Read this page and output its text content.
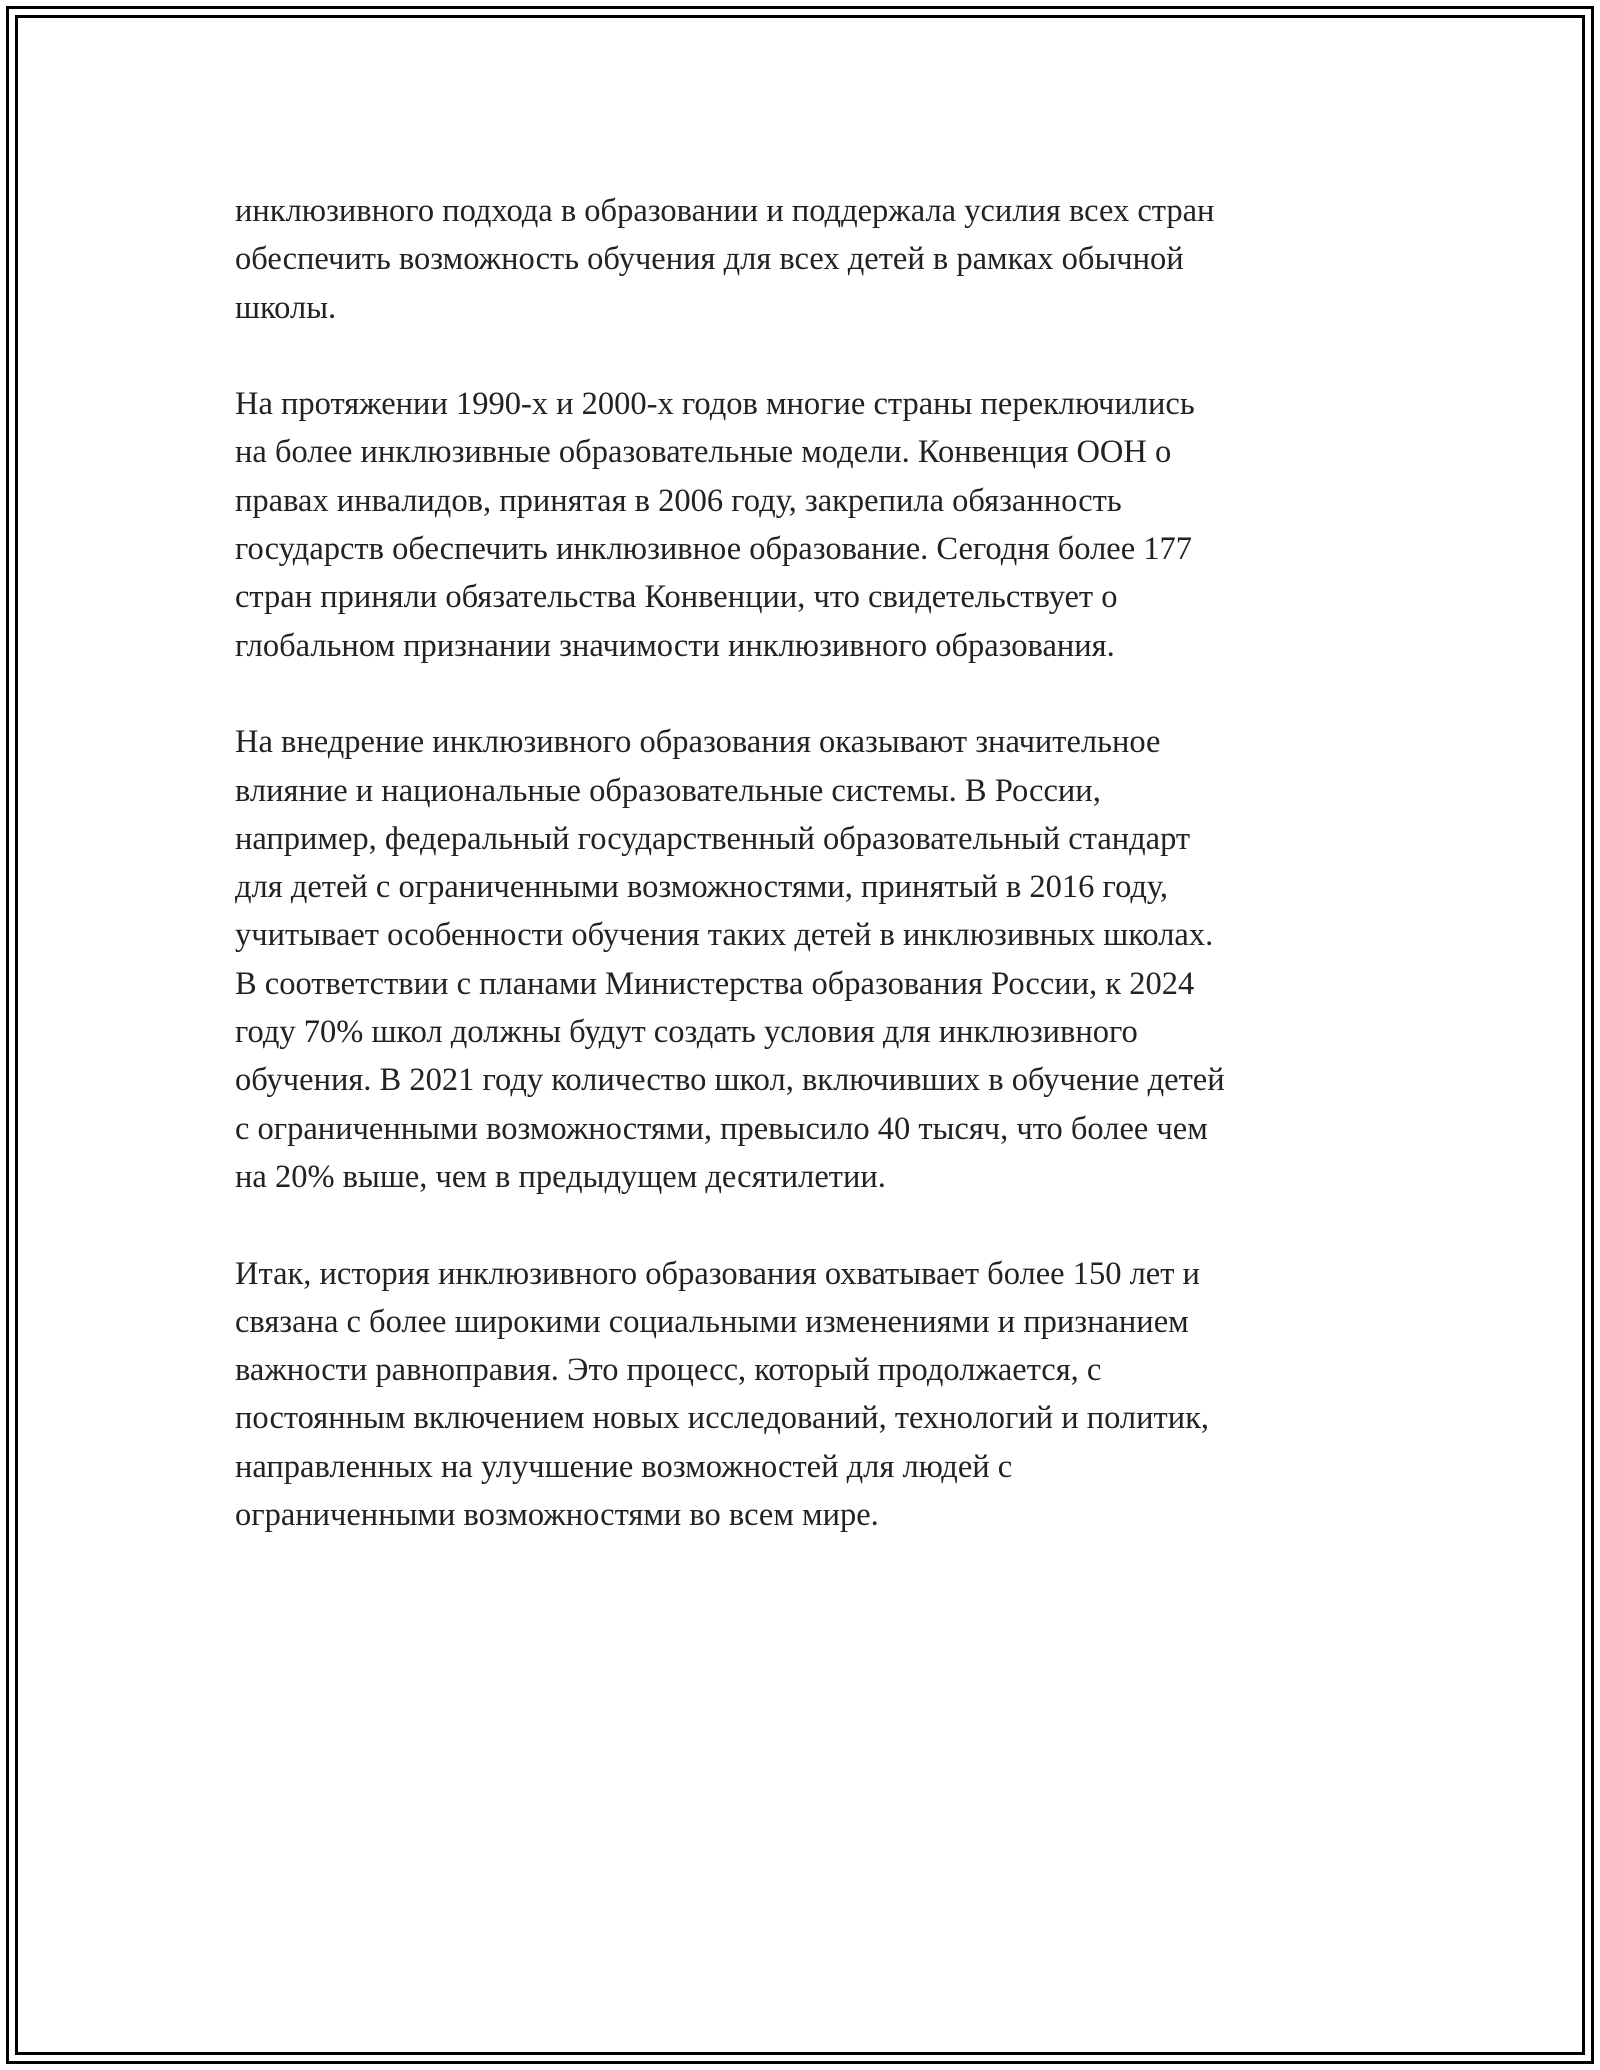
инклюзивного подхода в образовании и поддержала усилия всех стран
обеспечить возможность обучения для всех детей в рамках обычной
школы.

На протяжении 1990-х и 2000-х годов многие страны переключились
на более инклюзивные образовательные модели. Конвенция ООН о
правах инвалидов, принятая в 2006 году, закрепила обязанность
государств обеспечить инклюзивное образование. Сегодня более 177
стран приняли обязательства Конвенции, что свидетельствует о
глобальном признании значимости инклюзивного образования.

На внедрение инклюзивного образования оказывают значительное
влияние и национальные образовательные системы. В России,
например, федеральный государственный образовательный стандарт
для детей с ограниченными возможностями, принятый в 2016 году,
учитывает особенности обучения таких детей в инклюзивных школах.
В соответствии с планами Министерства образования России, к 2024
году 70% школ должны будут создать условия для инклюзивного
обучения. В 2021 году количество школ, включивших в обучение детей
с ограниченными возможностями, превысило 40 тысяч, что более чем
на 20% выше, чем в предыдущем десятилетии.

Итак, история инклюзивного образования охватывает более 150 лет и
связана с более широкими социальными изменениями и признанием
важности равноправия. Это процесс, который продолжается, с
постоянным включением новых исследований, технологий и политик,
направленных на улучшение возможностей для людей с
ограниченными возможностями во всем мире.
